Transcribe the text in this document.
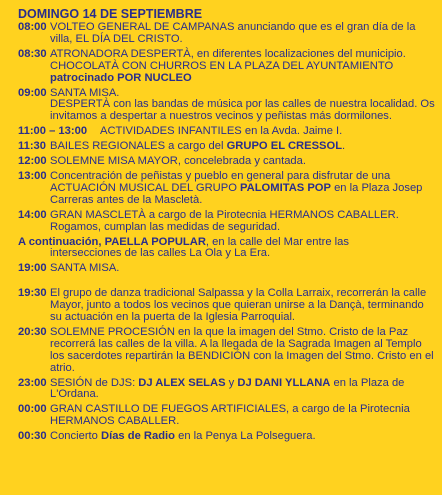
DOMINGO 14 DE SEPTIEMBRE
08:00 VOLTEO GENERAL DE CAMPANAS anunciando que es el gran día de la villa, EL DÍA DEL CRISTO.
08:30 ATRONADORA DESPERTÀ, en diferentes localizaciones del municipio.
CHOCOLATÀ CON CHURROS EN LA PLAZA DEL AYUNTAMIENTO
patrocinado POR NUCLEO
09:00 SANTA MISA.
DESPERTÀ con las bandas de música por las calles de nuestra localidad. Os invitamos a despertar a nuestros vecinos y peñistas más dormilones.
11:00 – 13:00	ACTIVIDADES INFANTILES en la Avda. Jaime I.
11:30 BAILES REGIONALES a cargo del GRUPO EL CRESSOL.
12:00 SOLEMNE MISA MAYOR, concelebrada y cantada.
13:00 Concentración de peñistas y pueblo en general para disfrutar de una ACTUACIÓN MUSICAL DEL GRUPO PALOMITAS POP en la Plaza Josep Carreras antes de la Mascletà.
14:00 GRAN MASCLETÀ a cargo de la Pirotecnia HERMANOS CABALLER. Rogamos, cumplan las medidas de seguridad.
A continuación, PAELLA POPULAR, en la calle del Mar entre las
intersecciones de las calles La Ola y La Era.
19:00 SANTA MISA.
19:30 El grupo de danza tradicional Salpassa y la Colla Larraix, recorrerán la calle Mayor, junto a todos los vecinos que quieran unirse a la Dançà, terminando su actuación en la puerta de la Iglesia Parroquial.
20:30 SOLEMNE PROCESIÓN en la que la imagen del Stmo. Cristo de la Paz recorrerá las calles de la villa. A la llegada de la Sagrada Imagen al Templo los sacerdotes repartirán la BENDICIÓN con la Imagen del Stmo. Cristo en el atrio.
23:00 SESIÓN de DJS: DJ ALEX SELAS y DJ DANI YLLANA en la Plaza de L'Ordana.
00:00 GRAN CASTILLO DE FUEGOS ARTIFICIALES, a cargo de la Pirotecnia HERMANOS CABALLER.
00:30 Concierto Días de Radio en la Penya La Polseguera.
